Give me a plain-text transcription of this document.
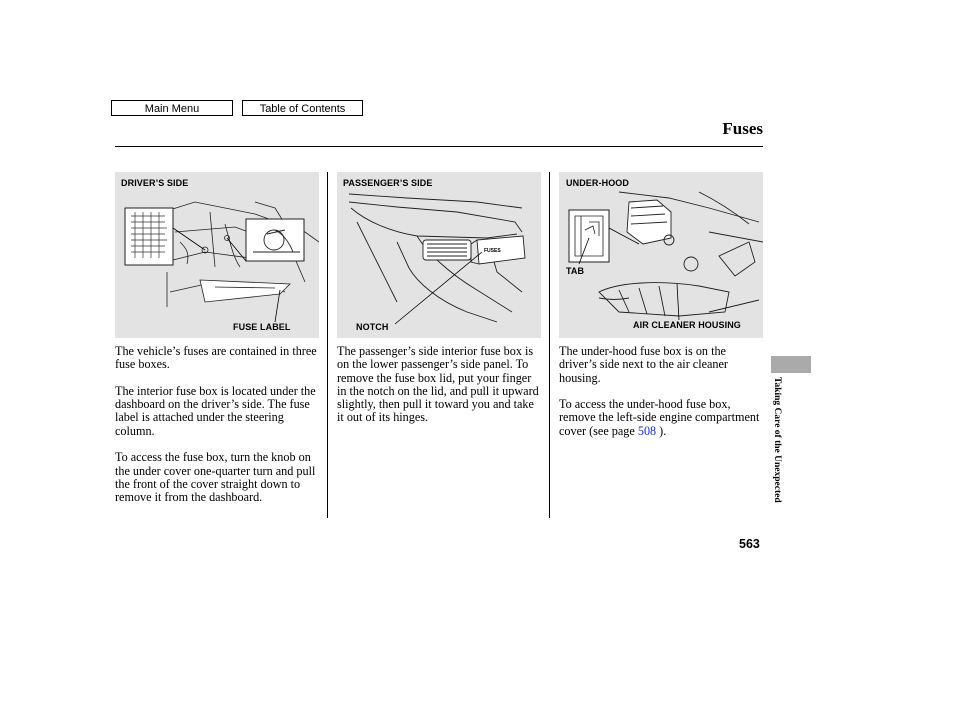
Main Menu	Table of Contents
Fuses
DRIVER’S SIDE
FUSE LABEL
FUSES
PASSENGER’S SIDE
NOTCH
UNDER-HOOD
TAB
AIR CLEANER HOUSING

The vehicle’s fuses are contained in three fuse boxes.

The interior fuse box is located under the dashboard on the driver’s side. The fuse label is attached under the steering column.

To access the fuse box, turn the knob on the under cover one-quarter turn and pull the front of the cover straight down to remove it from the dashboard.

The passenger’s side interior fuse box is on the lower passenger’s side panel. To remove the fuse box lid, put your finger in the notch on the lid, and pull it upward slightly, then pull it toward you and take it out of its hinges.

The under-hood fuse box is on the driver’s side next to the air cleaner housing.

To access the under-hood fuse box, remove the left-side engine compartment cover (see page 508 ).

563
Taking Care of the Unexpected
